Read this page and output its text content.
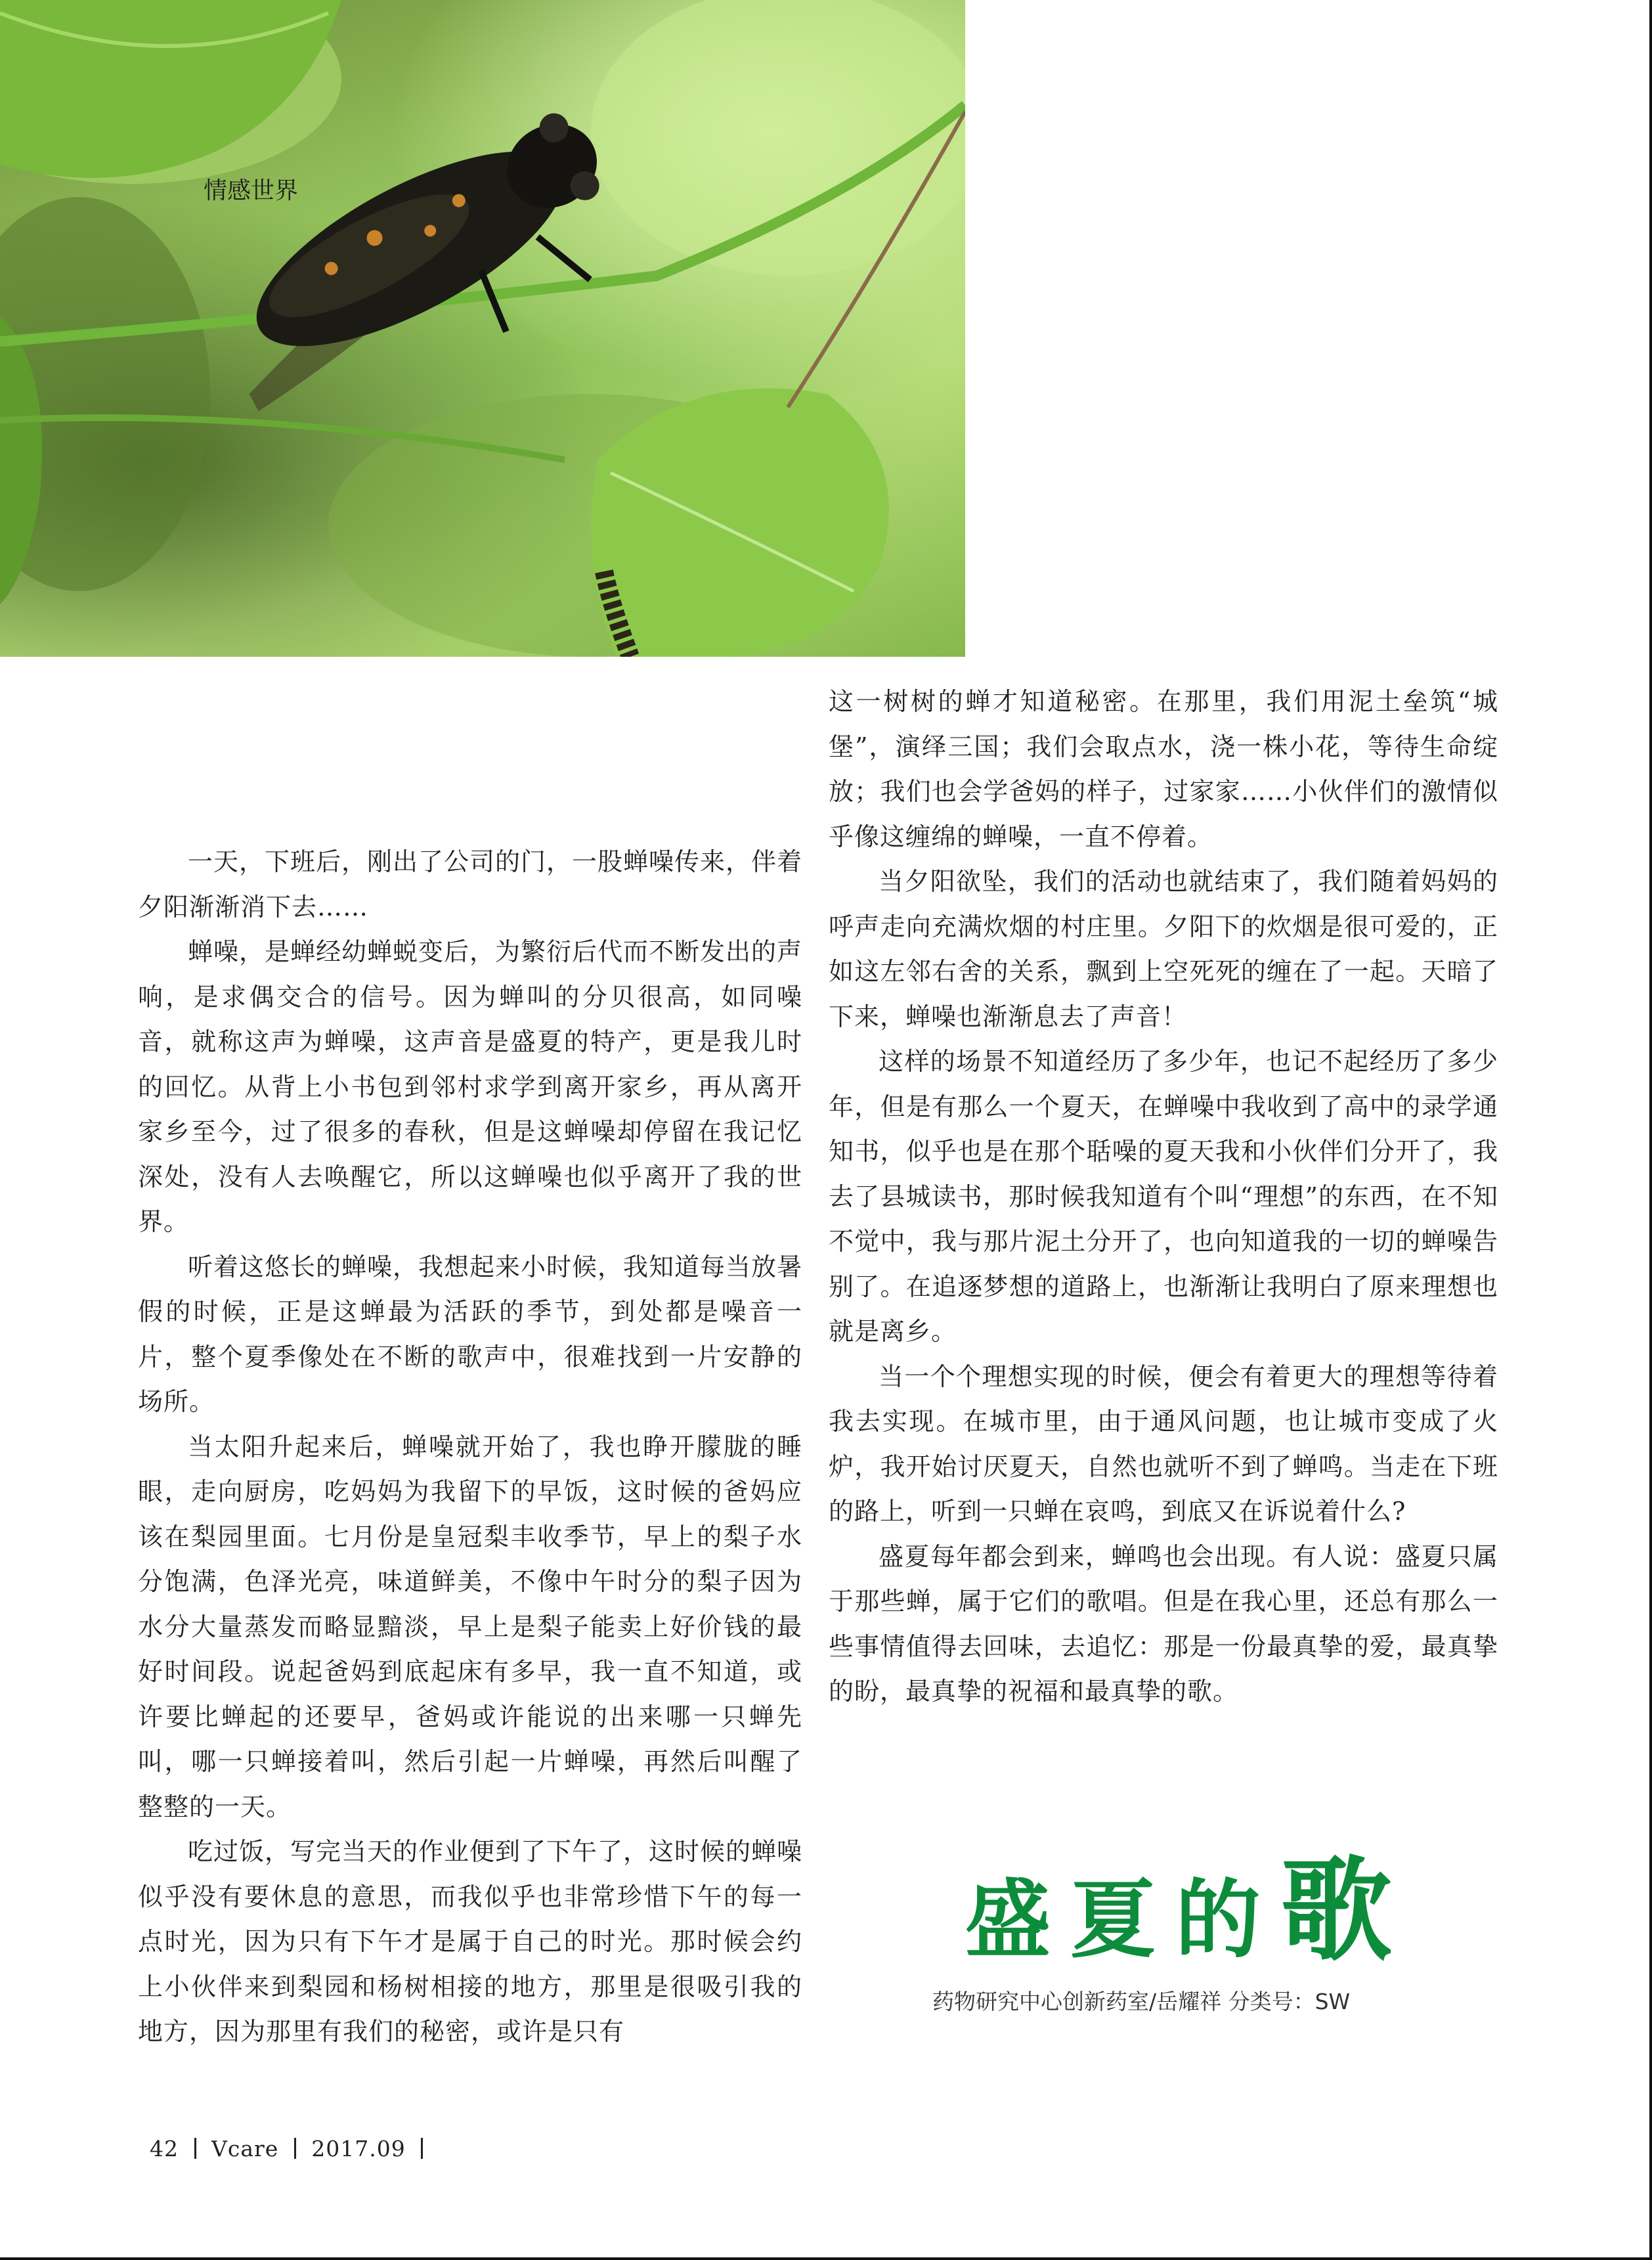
情感世界

一天，下班后，刚出了公司的门，一股蝉噪传来，伴着夕阳渐渐消下去……

蝉噪，是蝉经幼蝉蜕变后，为繁衍后代而不断发出的声响，是求偶交合的信号。因为蝉叫的分贝很高，如同噪音，就称这声为蝉噪，这声音是盛夏的特产，更是我儿时的回忆。从背上小书包到邻村求学到离开家乡，再从离开家乡至今，过了很多的春秋，但是这蝉噪却停留在我记忆深处，没有人去唤醒它，所以这蝉噪也似乎离开了我的世界。

听着这悠长的蝉噪，我想起来小时候，我知道每当放暑假的时候，正是这蝉最为活跃的季节，到处都是噪音一片，整个夏季像处在不断的歌声中，很难找到一片安静的场所。

当太阳升起来后，蝉噪就开始了，我也睁开朦胧的睡眼，走向厨房，吃妈妈为我留下的早饭，这时候的爸妈应该在梨园里面。七月份是皇冠梨丰收季节，早上的梨子水分饱满，色泽光亮，味道鲜美，不像中午时分的梨子因为水分大量蒸发而略显黯淡，早上是梨子能卖上好价钱的最好时间段。说起爸妈到底起床有多早，我一直不知道，或许要比蝉起的还要早，爸妈或许能说的出来哪一只蝉先叫，哪一只蝉接着叫，然后引起一片蝉噪，再然后叫醒了整整的一天。

吃过饭，写完当天的作业便到了下午了，这时候的蝉噪似乎没有要休息的意思，而我似乎也非常珍惜下午的每一点时光，因为只有下午才是属于自己的时光。那时候会约上小伙伴来到梨园和杨树相接的地方，那里是很吸引我的地方，因为那里有我们的秘密，或许是只有

这一树树的蝉才知道秘密。在那里，我们用泥土垒筑“城堡”，演绎三国；我们会取点水，浇一株小花，等待生命绽放；我们也会学爸妈的样子，过家家……小伙伴们的激情似乎像这缠绵的蝉噪，一直不停着。

当夕阳欲坠，我们的活动也就结束了，我们随着妈妈的呼声走向充满炊烟的村庄里。夕阳下的炊烟是很可爱的，正如这左邻右舍的关系，飘到上空死死的缠在了一起。天暗了下来，蝉噪也渐渐息去了声音！

这样的场景不知道经历了多少年，也记不起经历了多少年，但是有那么一个夏天，在蝉噪中我收到了高中的录学通知书，似乎也是在那个聒噪的夏天我和小伙伴们分开了，我去了县城读书，那时候我知道有个叫“理想”的东西，在不知不觉中，我与那片泥土分开了，也向知道我的一切的蝉噪告别了。在追逐梦想的道路上，也渐渐让我明白了原来理想也就是离乡。

当一个个理想实现的时候，便会有着更大的理想等待着我去实现。在城市里，由于通风问题，也让城市变成了火炉，我开始讨厌夏天，自然也就听不到了蝉鸣。当走在下班的路上，听到一只蝉在哀鸣，到底又在诉说着什么?

盛夏每年都会到来，蝉鸣也会出现。有人说：盛夏只属于那些蝉，属于它们的歌唱。但是在我心里，还总有那么一些事情值得去回味，去追忆：那是一份最真挚的爱，最真挚的盼，最真挚的祝福和最真挚的歌。

盛夏的歌
药物研究中心创新药室/岳耀祥 分类号：SW
42 Vcare 2017.09
